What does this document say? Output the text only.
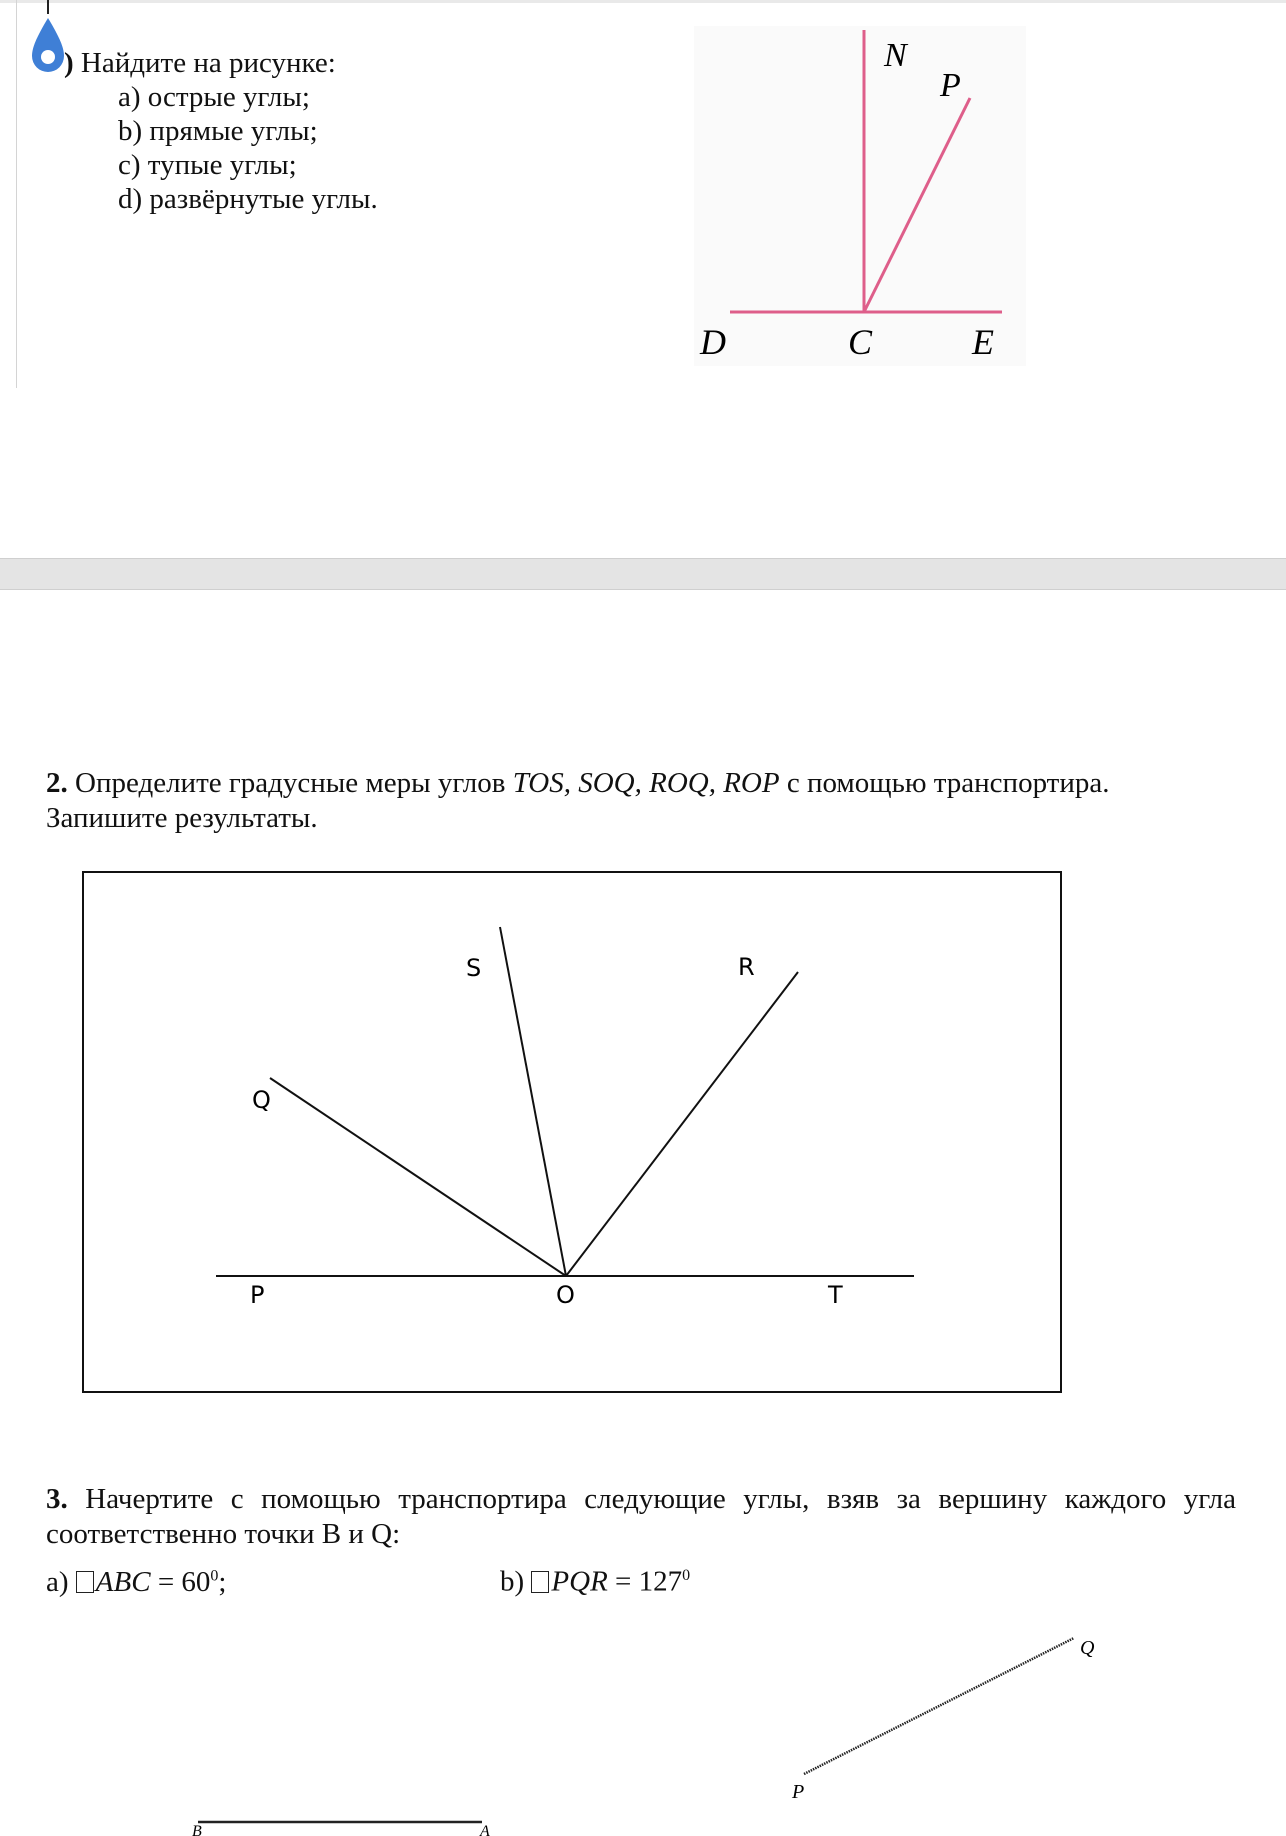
) Найдите на рисунке:
a) острые углы;
b) прямые углы;
c) тупые углы;
d) развёрнутые углы.
N
P
D	C	E
2. Определите градусные меры углов TOS, SOQ, ROQ, ROP с помощью транспортира.
Запишите результаты.
S	R
Q
P	O	T
3. Начертите с помощью транспортира следующие углы, взяв за вершину каждого угла соответственно точки B и Q:
a) ABC = $60^0$;	b) PQR = $127^0$
Q
P
B	A
